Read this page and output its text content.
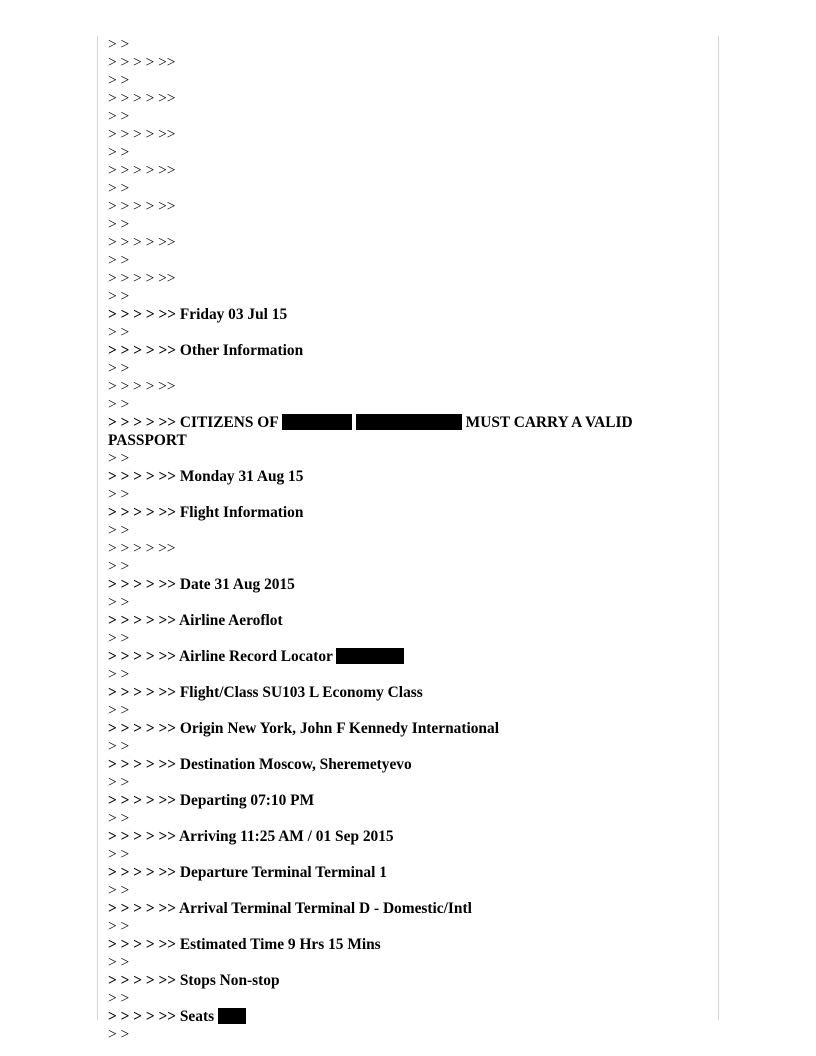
> >
> > > > >>
> >
> > > > >>
> >
> > > > >>
> >
> > > > >>
> >
> > > > >>
> >
> > > > >>
> >
> > > > >>
> >
> > > > >> Friday 03 Jul 15
> >
> > > > >> Other Information
> >
> > > > >>
> >
> > > > >> CITIZENS OF	MUST CARRY A VALID PASSPORT
> >
> > > > >> Monday 31 Aug 15
> >
> > > > >> Flight Information
> >
> > > > >>
> >
> > > > >> Date 31 Aug 2015
> >
> > > > >> Airline Aeroflot
> >
> > > > >> Airline Record Locator
> >
> > > > >> Flight/Class SU103 L Economy Class
> >
> > > > >> Origin New York, John F Kennedy International
> >
> > > > >> Destination Moscow, Sheremetyevo
> >
> > > > >> Departing 07:10 PM
> >
> > > > >> Arriving 11:25 AM / 01 Sep 2015
> >
> > > > >> Departure Terminal Terminal 1
> >
> > > > >> Arrival Terminal Terminal D - Domestic/Intl
> >
> > > > >> Estimated Time 9 Hrs 15 Mins
> >
> > > > >> Stops Non-stop
> >
> > > > >> Seats
> >
